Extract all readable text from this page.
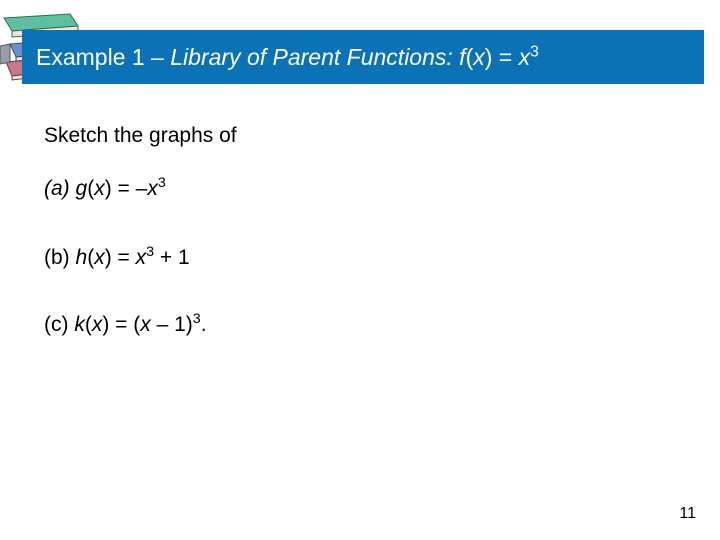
Example 1 – Library of Parent Functions: $f(x) = x^3$
Sketch the graphs of
(a) $g(x) = -x^3$
(b) $h(x) = x^3 + 1$
(c) k(x) = (x – 1)$^3$.
11
